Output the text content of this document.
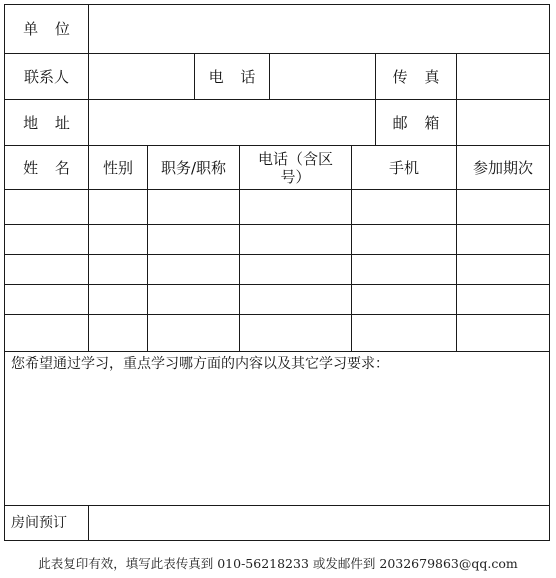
单 位
联系人	电 话	传 真
地 址	邮 箱
姓 名	性别	职务/职称	电话（含区号）	手机	参加期次
您希望通过学习，重点学习哪方面的内容以及其它学习要求：
房间预订
此表复印有效，填写此表传真到 010-56218233 或发邮件到 2032679863@qq.com
